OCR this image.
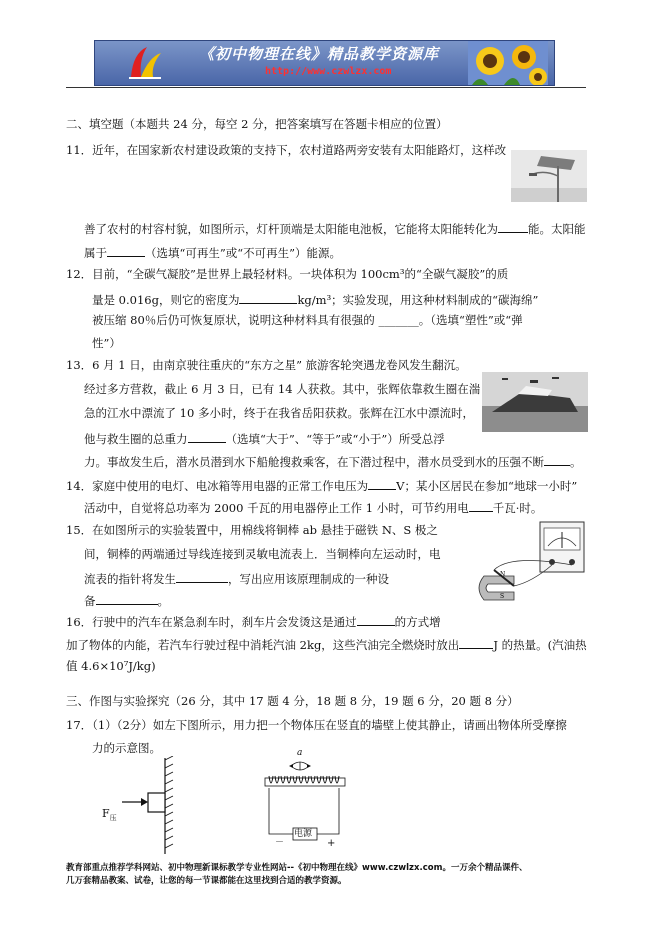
《初中物理在线》精品教学资源库
http://www.czwlzx.com
二、填空题（本题共 24 分，每空 2 分，把答案填写在答题卡相应的位置）
11．近年，在国家新农村建设政策的支持下，农村道路两旁安装有太阳能路灯，这样改
善了农村的村容村貌，如图所示，灯杆顶端是太阳能电池板，它能将太阳能转化为	能。太阳能
属于	（选填“可再生”或“不可再生”）能源。
12．目前，“全碳气凝胶”是世界上最轻材料。一块体积为 100cm³的“全碳气凝胶”的质
量是 0.016g，则它的密度为	kg/m³；实验发现，用这种材料制成的“碳海绵”
被压缩 80％后仍可恢复原状，说明这种材料具有很强的 _______。（选填“塑性”或“弹
性”）
13．6 月 1 日，由南京驶往重庆的“东方之星” 旅游客轮突遇龙卷风发生翻沉。
经过多方营救，截止 6 月 3 日，已有 14 人获救。其中，张辉依靠救生圈在湍
急的江水中漂流了 10 多小时，终于在我省岳阳获救。张辉在江水中漂流时，
他与救生圈的总重力	（选填“大于”、“等于”或“小于”）所受总浮
力。事故发生后，潜水员潜到水下船舱搜救乘客，在下潜过程中，潜水员受到水的压强不断 。
14．家庭中使用的电灯、电冰箱等用电器的正常工作电压为 V；某小区居民在参加“地球一小时”
活动中，自觉将总功率为 2000 千瓦的用电器停止工作 1 小时，可节约用电 千瓦·时。
15．在如图所示的实验装置中，用棉线将铜棒 ab 悬挂于磁铁 N、S 极之
间，铜棒的两端通过导线连接到灵敏电流表上．当铜棒向左运动时，电
流表的指针将发生	，写出应用该原理制成的一种设
备	。
N
S
16．行驶中的汽车在紧急刹车时，刹车片会发烫这是通过	的方式增
加了物体的内能，若汽车行驶过程中消耗汽油 2kg，这些汽油完全燃烧时放出	J 的热量。(汽油热
值 4.6×10⁷J/kg)
三、作图与实验探究（26 分，其中 17 题 4 分，18 题 8 分，19 题 6 分，20 题 8 分）
17．（1）（2分）如左下图所示，用力把一个物体压在竖直的墙壁上使其静止，请画出物体所受摩擦
力的示意图。
$F_压$
a
电源
－	+
教育部重点推荐学科网站、初中物理新课标教学专业性网站--《初中物理在线》www.czwlzx.com。一万余个精品课件、
几万套精品教案、试卷，让您的每一节课都能在这里找到合适的教学资源。
